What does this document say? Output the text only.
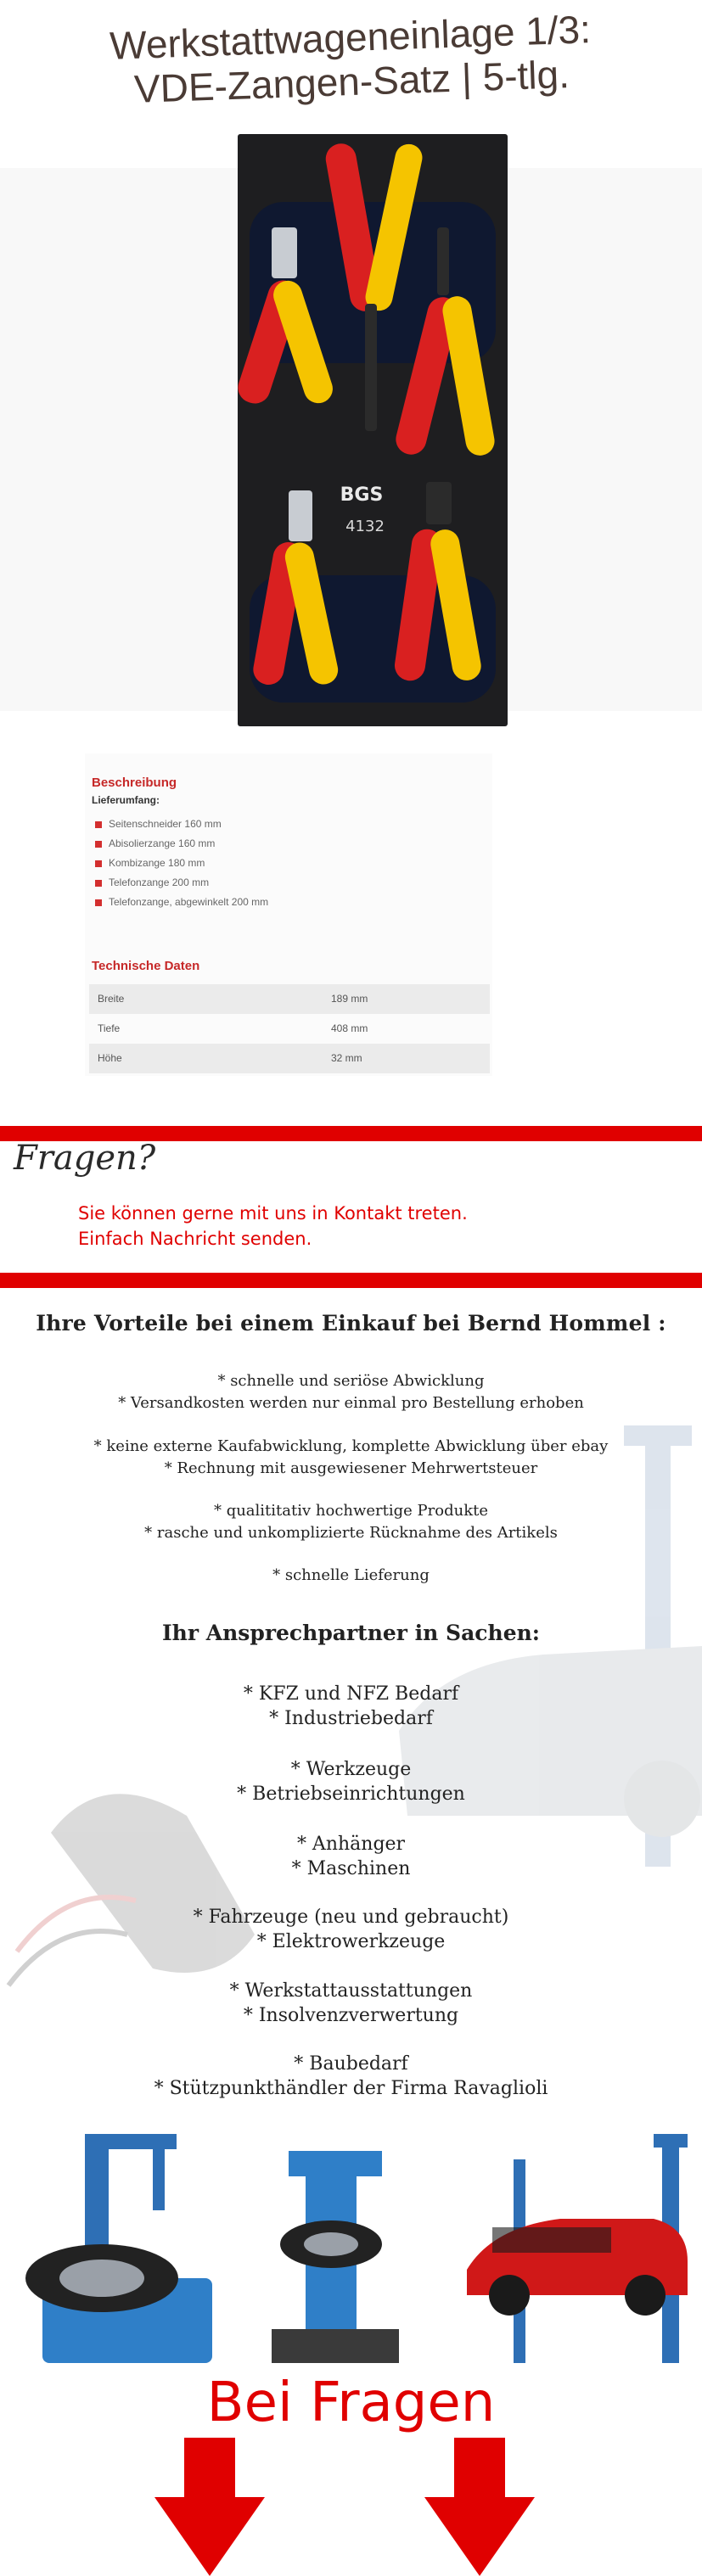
Werkstattwageneinlage 1/3:
VDE-Zangen-Satz | 5-tlg.
BGS
4132
Beschreibung
Lieferumfang:
Seitenschneider 160 mm
Abisolierzange 160 mm
Kombizange 180 mm
Telefonzange 200 mm
Telefonzange, abgewinkelt 200 mm
Technische Daten
Breite	189 mm
Tiefe	408 mm
Höhe	32 mm
Fragen?
Sie können gerne mit uns in Kontakt treten.
Einfach Nachricht senden.
Ihre Vorteile bei einem Einkauf bei Bernd Hommel :
* schnelle und seriöse Abwicklung
* Versandkosten werden nur einmal pro Bestellung erhoben
* keine externe Kaufabwicklung, komplette Abwicklung über ebay
* Rechnung mit ausgewiesener Mehrwertsteuer
* qualititativ hochwertige Produkte
* rasche und unkomplizierte Rücknahme des Artikels
* schnelle Lieferung
Ihr Ansprechpartner in Sachen:
* KFZ und NFZ Bedarf
* Industriebedarf
* Werkzeuge
* Betriebseinrichtungen
* Anhänger
* Maschinen
* Fahrzeuge (neu und gebraucht)
* Elektrowerkzeuge
* Werkstattausstattungen
* Insolvenzverwertung
* Baubedarf
* Stützpunkthändler der Firma Ravaglioli
Bei Fragen
